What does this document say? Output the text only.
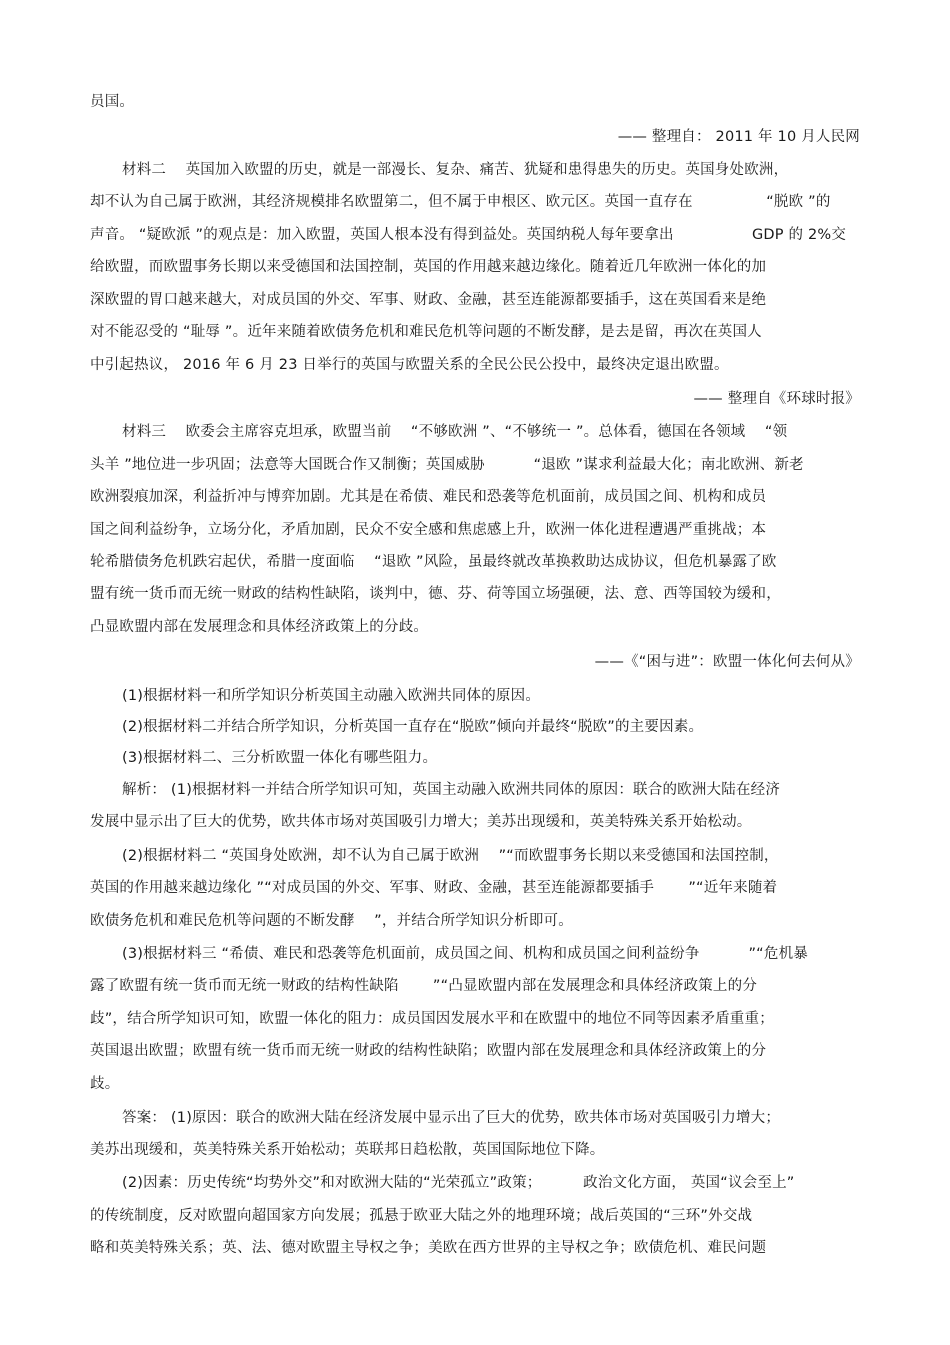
员国。
—— 整理自： 2011 年 10 月人民网
材料二　 英国加入欧盟的历史，就是一部漫长、复杂、痛苦、犹疑和患得患失的历史。英国身处欧洲，
却不认为自己属于欧洲，其经济规模排名欧盟第二，但不属于申根区、欧元区。英国一直存在　　　　　“脱欧 ”的
声音。 “疑欧派 ”的观点是：加入欧盟，英国人根本没有得到益处。英国纳税人每年要拿出　　　　　 GDP 的 2%交
给欧盟，而欧盟事务长期以来受德国和法国控制，英国的作用越来越边缘化。随着近几年欧洲一体化的加
深欧盟的胃口越来越大，对成员国的外交、军事、财政、金融，甚至连能源都要插手，这在英国看来是绝
对不能忍受的 “耻辱 ”。近年来随着欧债务危机和难民危机等问题的不断发酵，是去是留，再次在英国人
中引起热议， 2016 年 6 月 23 日举行的英国与欧盟关系的全民公民公投中，最终决定退出欧盟。
—— 整理自《环球时报》
材料三　 欧委会主席容克坦承，欧盟当前　 “不够欧洲 ”、“不够统一 ”。总体看，德国在各领域　 “领
头羊 ”地位进一步巩固；法意等大国既合作又制衡；英国威胁　　　 “退欧 ”谋求利益最大化；南北欧洲、新老
欧洲裂痕加深，利益折冲与博弈加剧。尤其是在希债、难民和恐袭等危机面前，成员国之间、机构和成员
国之间利益纷争，立场分化，矛盾加剧，民众不安全感和焦虑感上升，欧洲一体化进程遭遇严重挑战；本
轮希腊债务危机跌宕起伏，希腊一度面临　 “退欧 ”风险，虽最终就改革换救助达成协议，但危机暴露了欧
盟有统一货币而无统一财政的结构性缺陷，谈判中，德、芬、荷等国立场强硬，法、意、西等国较为缓和，
凸显欧盟内部在发展理念和具体经济政策上的分歧。
——《“困与进”：欧盟一体化何去何从》
(1)根据材料一和所学知识分析英国主动融入欧洲共同体的原因。
(2)根据材料二并结合所学知识，分析英国一直存在“脱欧”倾向并最终“脱欧”的主要因素。
(3)根据材料二、三分析欧盟一体化有哪些阻力。
解析： (1)根据材料一并结合所学知识可知，英国主动融入欧洲共同体的原因：联合的欧洲大陆在经济
发展中显示出了巨大的优势，欧共体市场对英国吸引力增大；美苏出现缓和，英美特殊关系开始松动。
(2)根据材料二 “英国身处欧洲，却不认为自己属于欧洲　 ”“而欧盟事务长期以来受德国和法国控制，
英国的作用越来越边缘化 ”“对成员国的外交、军事、财政、金融，甚至连能源都要插手　　 ”“近年来随着
欧债务危机和难民危机等问题的不断发酵　 ”，并结合所学知识分析即可。
(3)根据材料三 “希债、难民和恐袭等危机面前，成员国之间、机构和成员国之间利益纷争　　　 ”“危机暴
露了欧盟有统一货币而无统一财政的结构性缺陷　　 ”“凸显欧盟内部在发展理念和具体经济政策上的分
歧”，结合所学知识可知，欧盟一体化的阻力：成员国因发展水平和在欧盟中的地位不同等因素矛盾重重；
英国退出欧盟；欧盟有统一货币而无统一财政的结构性缺陷；欧盟内部在发展理念和具体经济政策上的分
歧。
答案： (1)原因：联合的欧洲大陆在经济发展中显示出了巨大的优势，欧共体市场对英国吸引力增大；
美苏出现缓和，英美特殊关系开始松动；英联邦日趋松散，英国国际地位下降。
(2)因素：历史传统“均势外交”和对欧洲大陆的“光荣孤立”政策；　　　 政治文化方面， 英国“议会至上”
的传统制度，反对欧盟向超国家方向发展；孤悬于欧亚大陆之外的地理环境；战后英国的“三环”外交战
略和英美特殊关系；英、法、德对欧盟主导权之争；美欧在西方世界的主导权之争；欧债危机、难民问题
